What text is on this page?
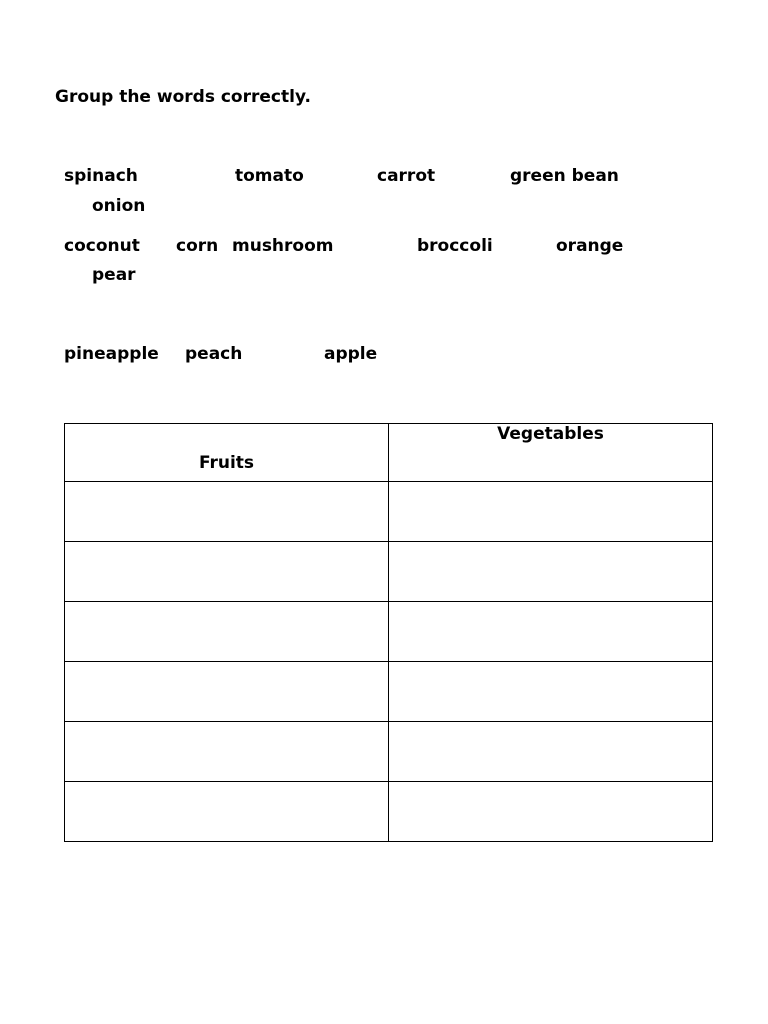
Group the words correctly.
spinach	tomato	carrot	green bean
onion
coconut corn mushroom	broccoli	orange
pear
pineapple peach	apple
Fruits	Vegetables
